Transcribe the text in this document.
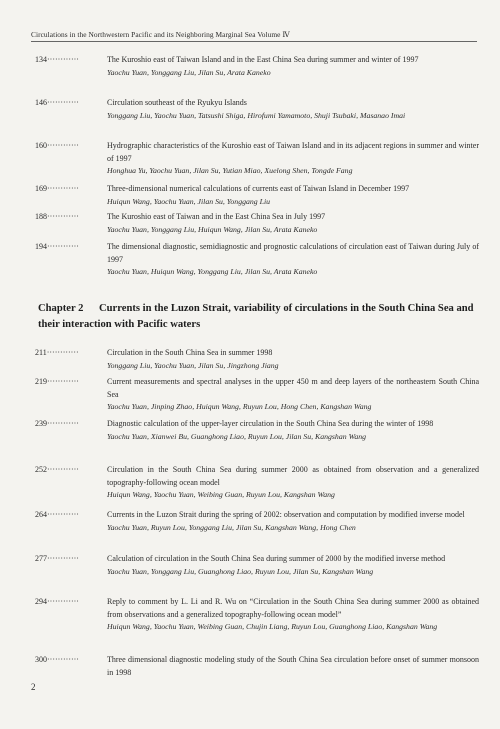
Circulations in the Northwestern Pacific and its Neighboring Marginal Sea Volume Ⅳ
134············	The Kuroshio east of Taiwan Island and in the East China Sea during summer and winter of 1997
Yaochu Yuan, Yonggang Liu, Jilan Su, Arata Kaneko
146············	Circulation southeast of the Ryukyu Islands
Yonggang Liu, Yaochu Yuan, Tatsushi Shiga, Hirofumi Yamamoto, Shuji Tsubaki, Masanao Imai
160············	Hydrographic characteristics of the Kuroshio east of Taiwan Island and in its adjacent regions in summer and winter of 1997
Honghua Yu, Yaochu Yuan, Jilan Su, Yutian Miao, Xuelong Shen, Tongde Fang
169············	Three-dimensional numerical calculations of currents east of Taiwan Island in December 1997
Huiqun Wang, Yaochu Yuan, Jilan Su, Yonggang Liu
188············	The Kuroshio east of Taiwan and in the East China Sea in July 1997
Yaochu Yuan, Yonggang Liu, Huiqun Wang, Jilan Su, Arata Kaneko
194············	The dimensional diagnostic, semidiagnostic and prognostic calculations of circulation east of Taiwan during July of 1997
Yaochu Yuan, Huiqun Wang, Yonggang Liu, Jilan Su, Arata Kaneko
Chapter 2 Currents in the Luzon Strait, variability of circulations in the South China Sea and their interaction with Pacific waters
211············	Circulation in the South China Sea in summer 1998
Yonggang Liu, Yaochu Yuan, Jilan Su, Jingzhong Jiang
219············	Current measurements and spectral analyses in the upper 450 m and deep layers of the northeastern South China Sea
Yaochu Yuan, Jinping Zhao, Huiqun Wang, Ruyun Lou, Hong Chen, Kangshan Wang
239············	Diagnostic calculation of the upper-layer circulation in the South China Sea during the winter of 1998
Yaochu Yuan, Xianwei Bu, Guanghong Liao, Ruyun Lou, Jilan Su, Kangshan Wang
252············	Circulation in the South China Sea during summer 2000 as obtained from observation and a generalized topography-following ocean model
Huiqun Wang, Yaochu Yuan, Weibing Guan, Ruyun Lou, Kangshan Wang
264············	Currents in the Luzon Strait during the spring of 2002: observation and computation by modified inverse model
Yaochu Yuan, Ruyun Lou, Yonggang Liu, Jilan Su, Kangshan Wang, Hong Chen
277············	Calculation of circulation in the South China Sea during summer of 2000 by the modified inverse method
Yaochu Yuan, Yonggang Liu, Guanghong Liao, Ruyun Lou, Jilan Su, Kangshan Wang
294············	Reply to comment by L. Li and R. Wu on “Circulation in the South China Sea during summer 2000 as obtained from observations and a generalized topography-following ocean model”
Huiqun Wang, Yaochu Yuan, Weibing Guan, Chujin Liang, Ruyun Lou, Guanghong Liao, Kangshan Wang
300············	Three dimensional diagnostic modeling study of the South China Sea circulation before onset of summer monsoon in 1998
2
